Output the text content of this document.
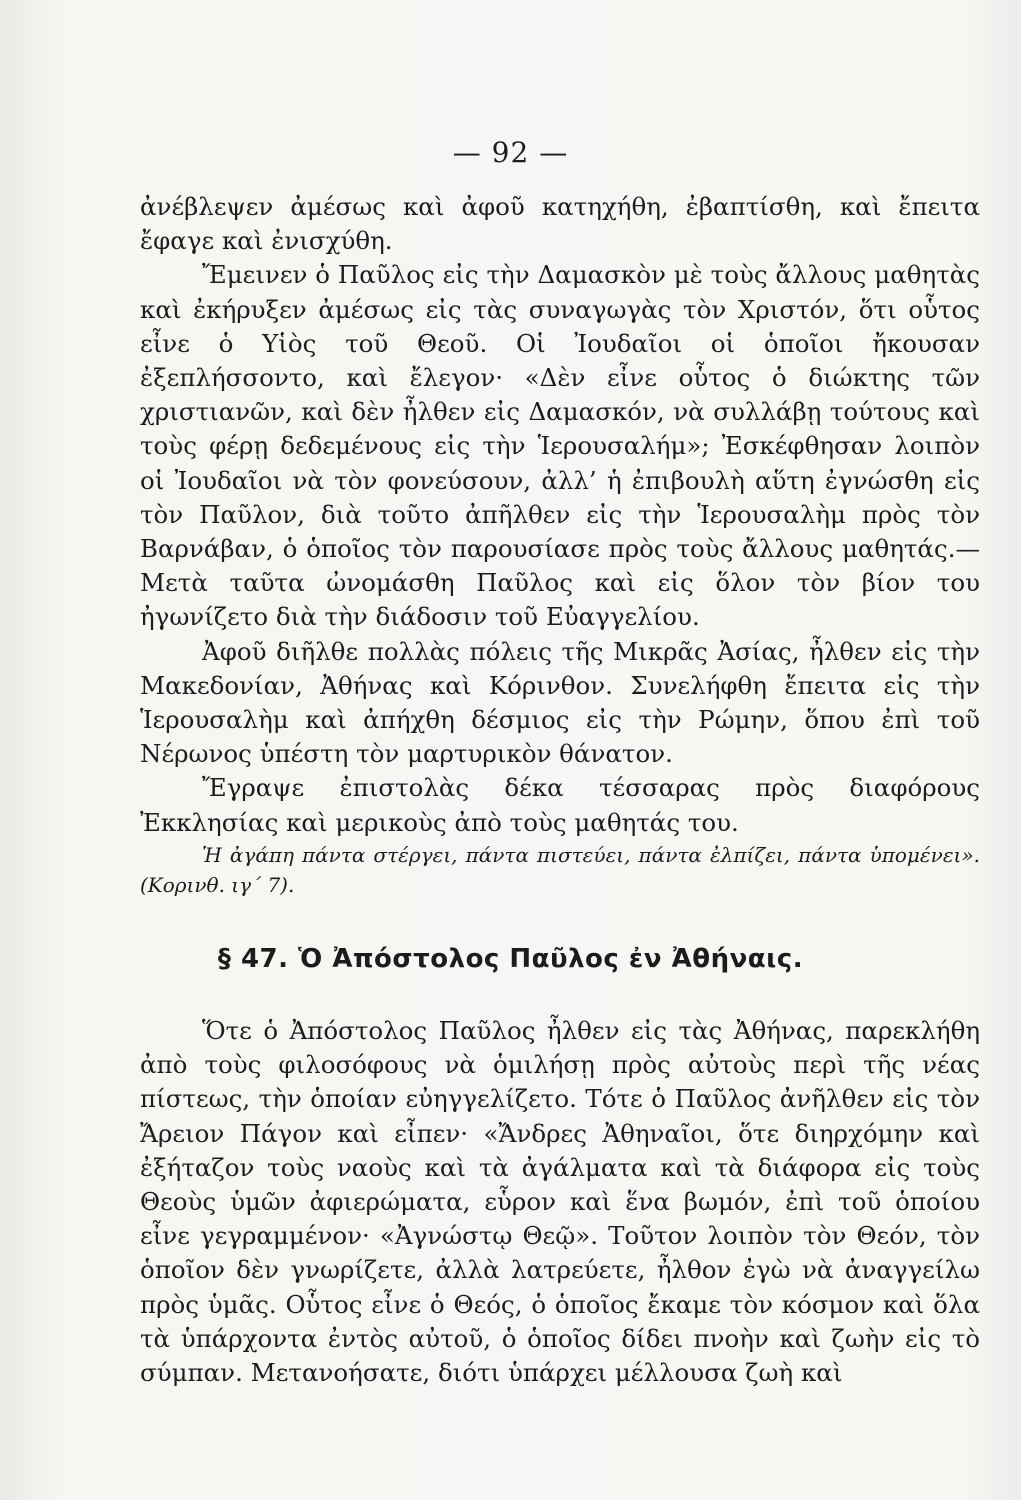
— 92 —

ἀνέβλεψεν ἀμέσως καὶ ἀφοῦ κατηχήθη, ἐβαπτίσθη, καὶ ἔπειτα ἔφαγε καὶ ἐνισχύθη.

Ἔμεινεν ὁ Παῦλος εἰς τὴν Δαμασκὸν μὲ τοὺς ἄλλους μαθητὰς καὶ ἐκήρυξεν ἀμέσως εἰς τὰς συναγωγὰς τὸν Χριστόν, ὅτι οὗτος εἶνε ὁ Υἱὸς τοῦ Θεοῦ. Οἱ Ἰουδαῖοι οἱ ὁποῖοι ἤκουσαν ἐξεπλήσσοντο, καὶ ἔλεγον· «Δὲν εἶνε οὗτος ὁ διώκτης τῶν χριστιανῶν, καὶ δὲν ἦλθεν εἰς Δαμασκόν, νὰ συλλάβῃ τούτους καὶ τοὺς φέρῃ δεδεμένους εἰς τὴν Ἱερουσαλήμ»; Ἐσκέφθησαν λοιπὸν οἱ Ἰουδαῖοι νὰ τὸν φονεύσουν, ἀλλ’ ἡ ἐπιβουλὴ αὕτη ἐγνώσθη εἰς τὸν Παῦλον, διὰ τοῦτο ἀπῆλθεν εἰς τὴν Ἱερουσαλὴμ πρὸς τὸν Βαρνάβαν, ὁ ὁποῖος τὸν παρουσίασε πρὸς τοὺς ἄλλους μαθητάς.— Μετὰ ταῦτα ὠνομάσθη Παῦλος καὶ εἰς ὅλον τὸν βίον του ἠγωνίζετο διὰ τὴν διάδοσιν τοῦ Εὐαγγελίου.

Ἀφοῦ διῆλθε πολλὰς πόλεις τῆς Μικρᾶς Ἀσίας, ἦλθεν εἰς τὴν Μακεδονίαν, Ἀθήνας καὶ Κόρινθον. Συνελήφθη ἔπειτα εἰς τὴν Ἱερουσαλὴμ καὶ ἀπήχθη δέσμιος εἰς τὴν Ρώμην, ὅπου ἐπὶ τοῦ Νέρωνος ὑπέστη τὸν μαρτυρικὸν θάνατον.

Ἔγραψε ἐπιστολὰς δέκα τέσσαρας πρὸς διαφόρους Ἐκκλησίας καὶ μερικοὺς ἀπὸ τοὺς μαθητάς του.

Ἡ ἀγάπη πάντα στέργει, πάντα πιστεύει, πάντα ἐλπίζει, πάντα ὑπομένει». (Κορινθ. ιγ΄ 7).

§ 47. Ὁ Ἀπόστολος Παῦλος ἐν Ἀθήναις.

Ὅτε ὁ Ἀπόστολος Παῦλος ἦλθεν εἰς τὰς Ἀθήνας, παρεκλήθη ἀπὸ τοὺς φιλοσόφους νὰ ὁμιλήσῃ πρὸς αὐτοὺς περὶ τῆς νέας πίστεως, τὴν ὁποίαν εὐηγγελίζετο. Τότε ὁ Παῦλος ἀνῆλθεν εἰς τὸν Ἄρειον Πάγον καὶ εἶπεν· «Ἄνδρες Ἀθηναῖοι, ὅτε διηρχόμην καὶ ἐξήταζον τοὺς ναοὺς καὶ τὰ ἀγάλματα καὶ τὰ διάφορα εἰς τοὺς Θεοὺς ὑμῶν ἀφιερώματα, εὗρον καὶ ἕνα βωμόν, ἐπὶ τοῦ ὁποίου εἶνε γεγραμμένον· «Ἀγνώστῳ Θεῷ». Τοῦτον λοιπὸν τὸν Θεόν, τὸν ὁποῖον δὲν γνωρίζετε, ἀλλὰ λατρεύετε, ἦλθον ἐγὼ νὰ ἀναγγείλω πρὸς ὑμᾶς. Οὗτος εἶνε ὁ Θεός, ὁ ὁποῖος ἔκαμε τὸν κόσμον καὶ ὅλα τὰ ὑπάρχοντα ἐντὸς αὐτοῦ, ὁ ὁποῖος δίδει πνοὴν καὶ ζωὴν εἰς τὸ σύμπαν. Μετανοήσατε, διότι ὑπάρχει μέλλουσα ζωὴ καὶ
